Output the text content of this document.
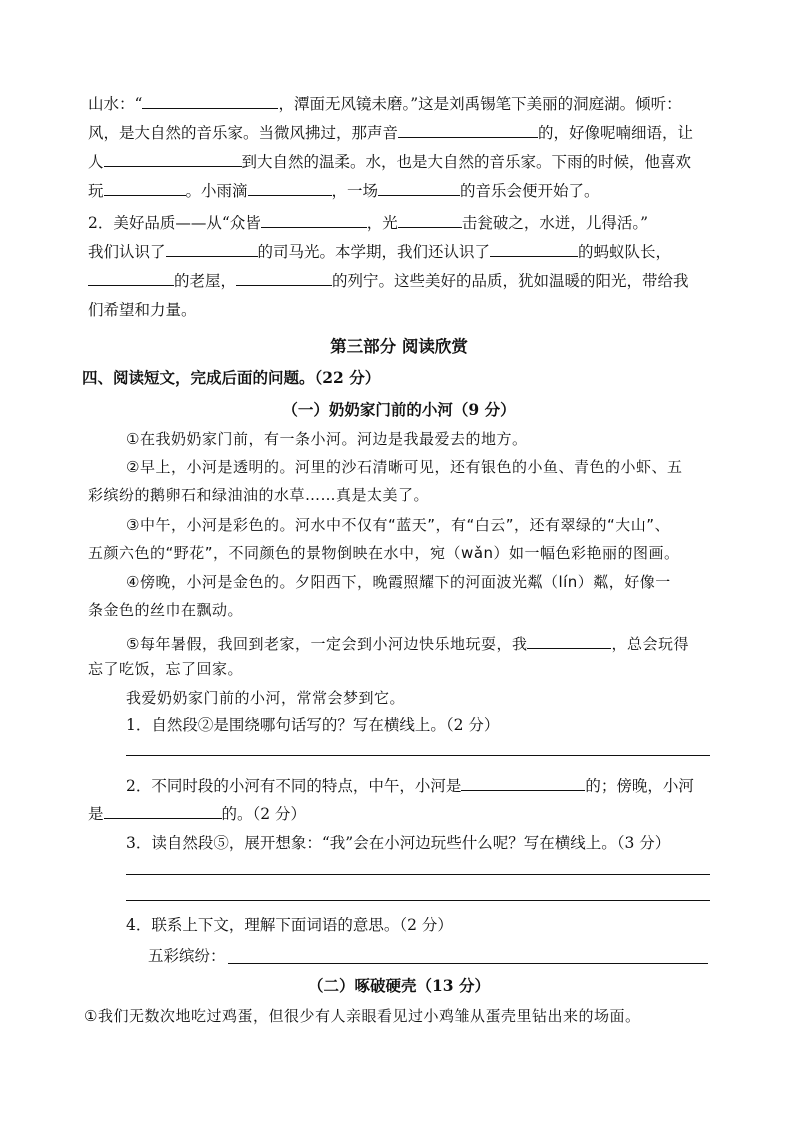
山水：“	，潭面无风镜未磨。”这是刘禹锡笔下美丽的洞庭湖。倾听：
风，是大自然的音乐家。当微风拂过，那声音	的，好像呢喃细语，让
人	到大自然的温柔。水，也是大自然的音乐家。下雨的时候，他喜欢
玩	。小雨滴	，一场	的音乐会便开始了。
2．美好品质——从“众皆	，光	击瓮破之，水迸，儿得活。”
我们认识了	的司马光。本学期，我们还认识了	的蚂蚁队长，
的老屋，	的列宁。这些美好的品质，犹如温暖的阳光，带给我
们希望和力量。
第三部分 阅读欣赏
四、阅读短文，完成后面的问题。（22 分）
（一）奶奶家门前的小河（9 分）
①在我奶奶家门前，有一条小河。河边是我最爱去的地方。
②早上，小河是透明的。河里的沙石清晰可见，还有银色的小鱼、青色的小虾、五
彩缤纷的鹅卵石和绿油油的水草……真是太美了。
③中午，小河是彩色的。河水中不仅有“蓝天”，有“白云”，还有翠绿的“大山”、
五颜六色的“野花”，不同颜色的景物倒映在水中，宛（wǎn）如一幅色彩艳丽的图画。
④傍晚，小河是金色的。夕阳西下，晚霞照耀下的河面波光粼（lín）粼，好像一
条金色的丝巾在飘动。
⑤每年暑假，我回到老家，一定会到小河边快乐地玩耍，我	，总会玩得
忘了吃饭，忘了回家。
我爱奶奶家门前的小河，常常会梦到它。
1．自然段②是围绕哪句话写的？写在横线上。（2 分）
2．不同时段的小河有不同的特点，中午，小河是	的；傍晚，小河
是	的。（2 分）
3．读自然段⑤，展开想象：“我”会在小河边玩些什么呢？写在横线上。（3 分）
4．联系上下文，理解下面词语的意思。（2 分）
五彩缤纷：
（二）啄破硬壳（13 分）
①我们无数次地吃过鸡蛋，但很少有人亲眼看见过小鸡雏从蛋壳里钻出来的场面。
